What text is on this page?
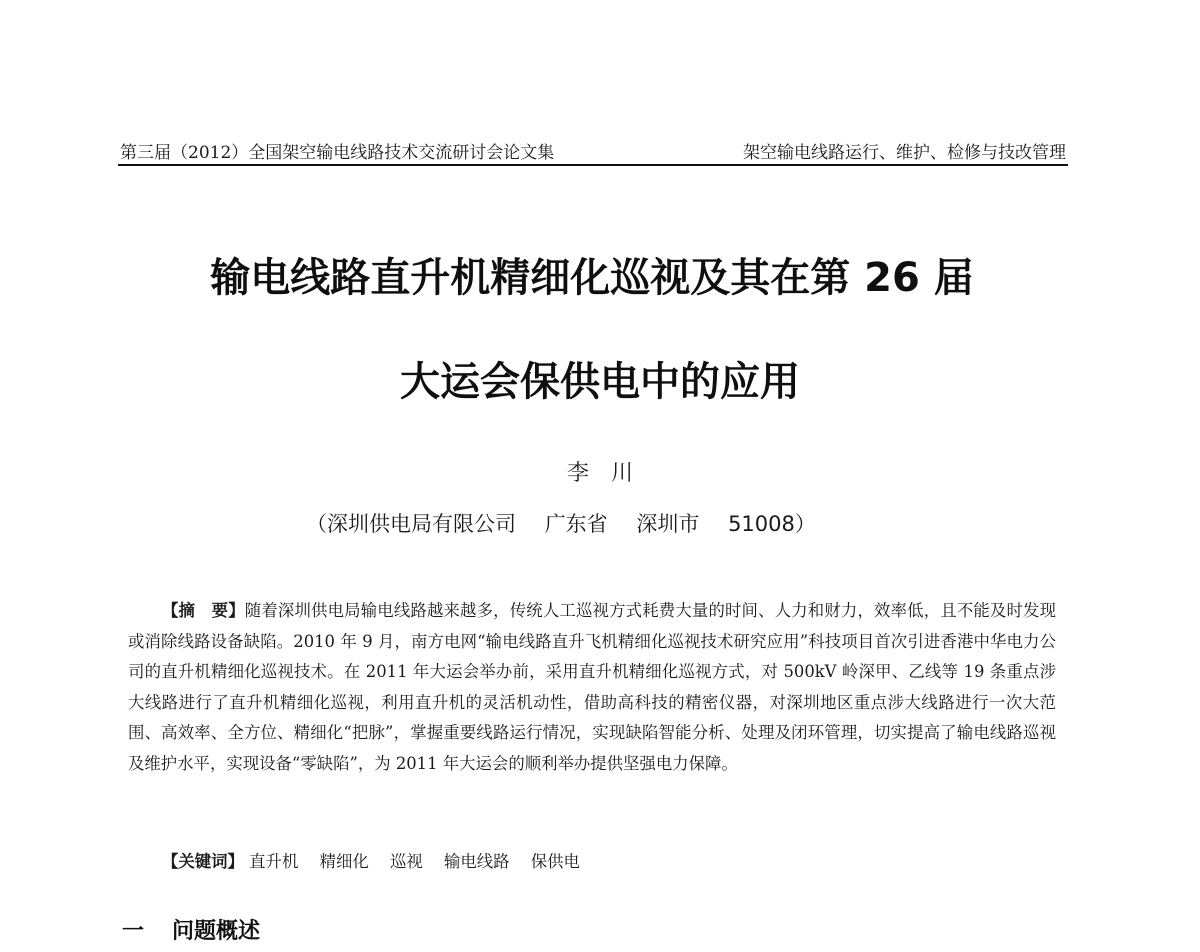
第三届（2012）全国架空输电线路技术交流研讨会论文集	架空输电线路运行、维护、检修与技改管理
输电线路直升机精细化巡视及其在第 26 届
大运会保供电中的应用
李川
（深圳供电局有限公司 广东省 深圳市 51008）
【摘　要】随着深圳供电局输电线路越来越多，传统人工巡视方式耗费大量的时间、人力和财力，效率低，且不能及时发现或消除线路设备缺陷。2010 年 9 月，南方电网“输电线路直升飞机精细化巡视技术研究应用”科技项目首次引进香港中华电力公司的直升机精细化巡视技术。在 2011 年大运会举办前，采用直升机精细化巡视方式，对 500kV 岭深甲、乙线等 19 条重点涉大线路进行了直升机精细化巡视，利用直升机的灵活机动性，借助高科技的精密仪器，对深圳地区重点涉大线路进行一次大范围、高效率、全方位、精细化“把脉”，掌握重要线路运行情况，实现缺陷智能分析、处理及闭环管理，切实提高了输电线路巡视及维护水平，实现设备“零缺陷”，为 2011 年大运会的顺利举办提供坚强电力保障。
【关键词】 直升机 精细化 巡视 输电线路 保供电
一 问题概述
